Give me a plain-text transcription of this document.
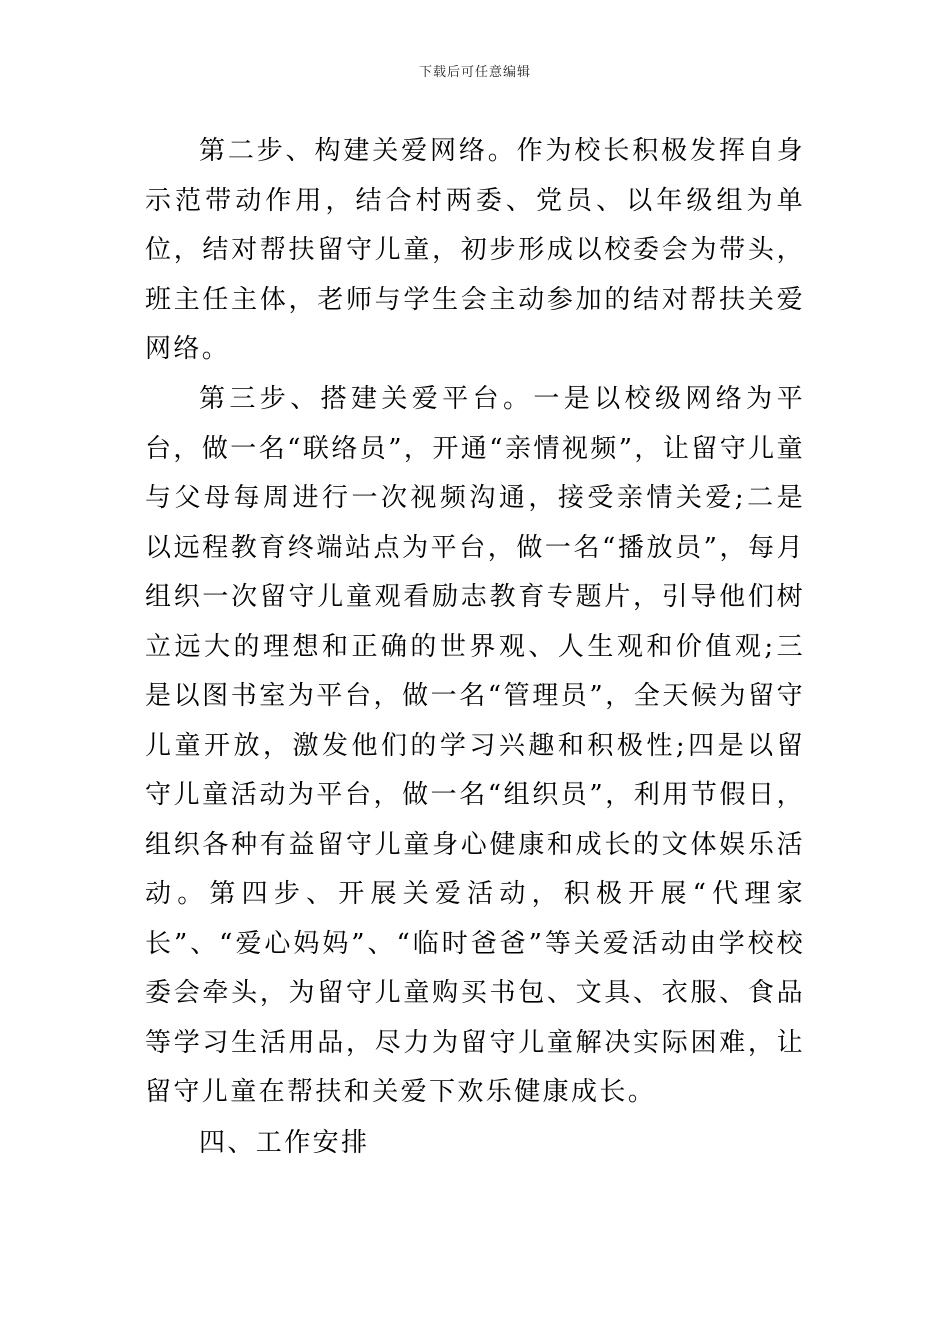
下载后可任意编辑

第二步、构建关爱网络。作为校长积极发挥自身示范带动作用，结合村两委、党员、以年级组为单位，结对帮扶留守儿童，初步形成以校委会为带头，班主任主体，老师与学生会主动参加的结对帮扶关爱网络。

第三步、搭建关爱平台。一是以校级网络为平台，做一名“联络员”，开通“亲情视频”，让留守儿童与父母每周进行一次视频沟通，接受亲情关爱;二是以远程教育终端站点为平台，做一名“播放员”，每月组织一次留守儿童观看励志教育专题片，引导他们树立远大的理想和正确的世界观、人生观和价值观;三是以图书室为平台，做一名“管理员”，全天候为留守儿童开放，激发他们的学习兴趣和积极性;四是以留守儿童活动为平台，做一名“组织员”，利用节假日，组织各种有益留守儿童身心健康和成长的文体娱乐活动。第四步、开展关爱活动，积极开展“代理家长”、“爱心妈妈”、“临时爸爸”等关爱活动由学校校委会牵头，为留守儿童购买书包、文具、衣服、食品等学习生活用品，尽力为留守儿童解决实际困难，让留守儿童在帮扶和关爱下欢乐健康成长。

四、工作安排
